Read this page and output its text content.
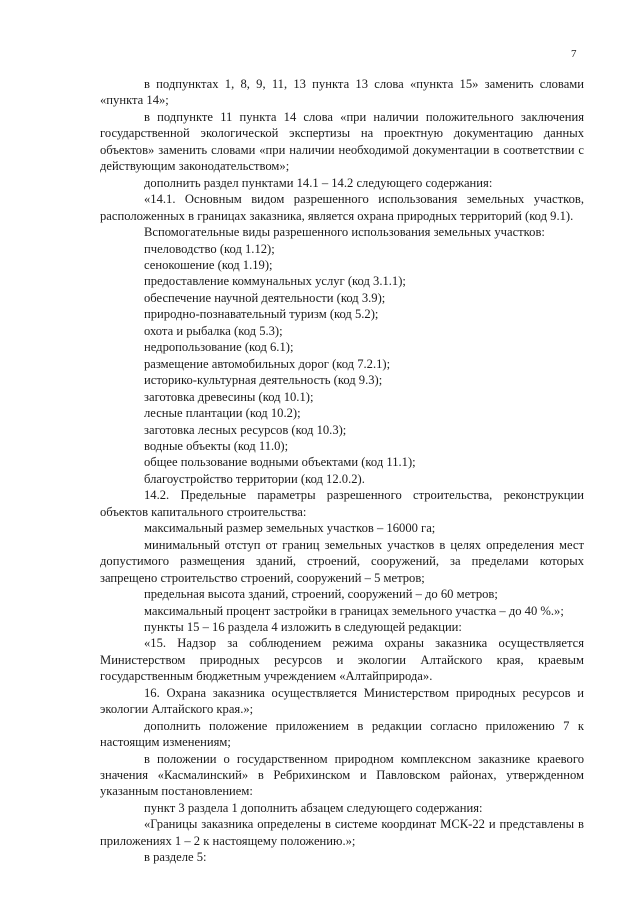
7

в подпунктах 1, 8, 9, 11, 13 пункта 13 слова «пункта 15» заменить словами «пункта 14»;

в подпункте 11 пункта 14 слова «при наличии положительного заключения государственной экологической экспертизы на проектную документацию данных объектов» заменить словами «при наличии необходимой документации в соответствии с действующим законодательством»;

дополнить раздел пунктами 14.1 – 14.2 следующего содержания:

«14.1. Основным видом разрешенного использования земельных участков, расположенных в границах заказника, является охрана природных территорий (код 9.1).

Вспомогательные виды разрешенного использования земельных участков:

пчеловодство (код 1.12);

сенокошение (код 1.19);

предоставление коммунальных услуг (код 3.1.1);

обеспечение научной деятельности (код 3.9);

природно-познавательный туризм (код 5.2);

охота и рыбалка (код 5.3);

недропользование (код 6.1);

размещение автомобильных дорог (код 7.2.1);

историко-культурная деятельность (код 9.3);

заготовка древесины (код 10.1);

лесные плантации (код 10.2);

заготовка лесных ресурсов (код 10.3);

водные объекты (код 11.0);

общее пользование водными объектами (код 11.1);

благоустройство территории (код 12.0.2).

14.2. Предельные параметры разрешенного строительства, реконструкции объектов капитального строительства:

максимальный размер земельных участков – 16000 га;

минимальный отступ от границ земельных участков в целях определения мест допустимого размещения зданий, строений, сооружений, за пределами которых запрещено строительство строений, сооружений – 5 метров;

предельная высота зданий, строений, сооружений – до 60 метров;

максимальный процент застройки в границах земельного участка – до 40 %.»;

пункты 15 – 16 раздела 4 изложить в следующей редакции:

«15. Надзор за соблюдением режима охраны заказника осуществляется Министерством природных ресурсов и экологии Алтайского края, краевым государственным бюджетным учреждением «Алтайприрода».

16. Охрана заказника осуществляется Министерством природных ресурсов и экологии Алтайского края.»;

дополнить положение приложением в редакции согласно приложению 7 к настоящим изменениям;

в положении о государственном природном комплексном заказнике краевого значения «Касмалинский» в Ребрихинском и Павловском районах, утвержденном указанным постановлением:

пункт 3 раздела 1 дополнить абзацем следующего содержания:

«Границы заказника определены в системе координат МСК-22 и представлены в приложениях 1 – 2 к настоящему положению.»;

в разделе 5:
